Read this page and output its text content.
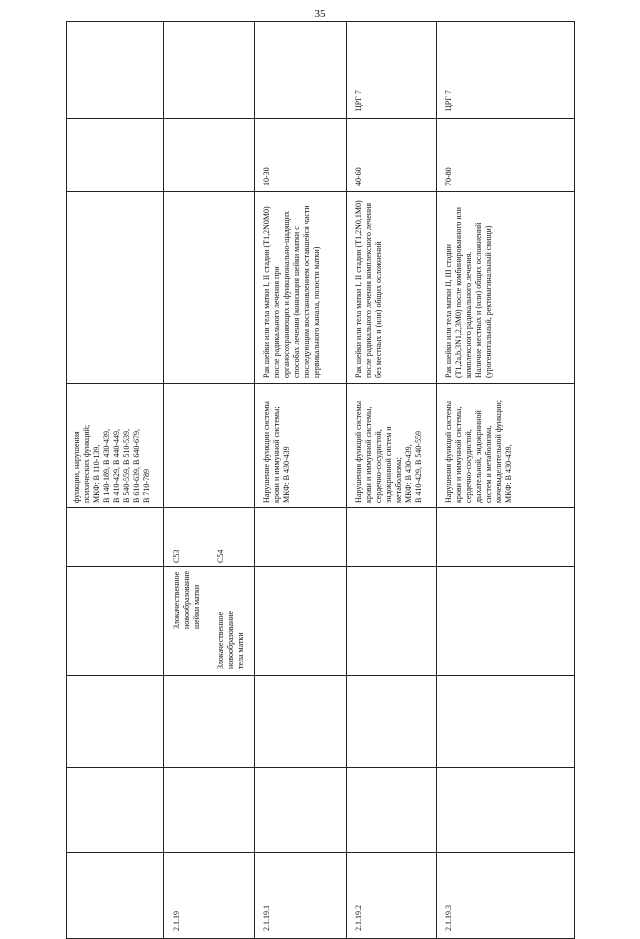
35
2.1.19
функции, нарушения психических функций;
МКФ: В 110-139,
В 140-189, В 430-439,
В 410-429, В 440-449,
В 540-559, В 510-539,
В 610-639, В 640-679,
В 710-789
2.1.19.1
Злокачественное новообразование шейки матки
Злокачественное новообразование тела матки
С53	С54
Нарушение функции системы крови и иммунной системы;
МКФ: В 430-439
Рак шейки или тела матки I, II стадии (T1,2N0M0) после радикального лечения при органосохраняющих и функционально-щадящих способах лечения (конизация шейки матки с последующим восстановлением оставшейся части цервикального канала, полости матки)
10-30
2.1.19.2
Нарушения функций системы крови и иммунной системы, сердечно-сосудистой, эндокринной систем и метаболизма;
МКФ: В 430-439,
В 410-429, В 540-559
Рак шейки или тела матки I, II стадии (T1,2N0,1M0) после радикального лечения комплексного лечения без местных и (или) общих осложнений
40-60
ЦРГ 7
2.1.19.3
Нарушения функций системы крови и иммунной системы, сердечно-сосудистой, дыхательной, эндокринной систем и метаболизма, мочевыделительной функции;
МКФ: В 430-439,
Рак шейки или тела матки II, III стадии (T1,2a,b,3N1,2,3M0) после комбинированного или комплексного радикального лечения.
Наличие местных и (или) общих осложнений (урогенитальный, ректовагинальный свищи)
70-80
ЦРГ 7
